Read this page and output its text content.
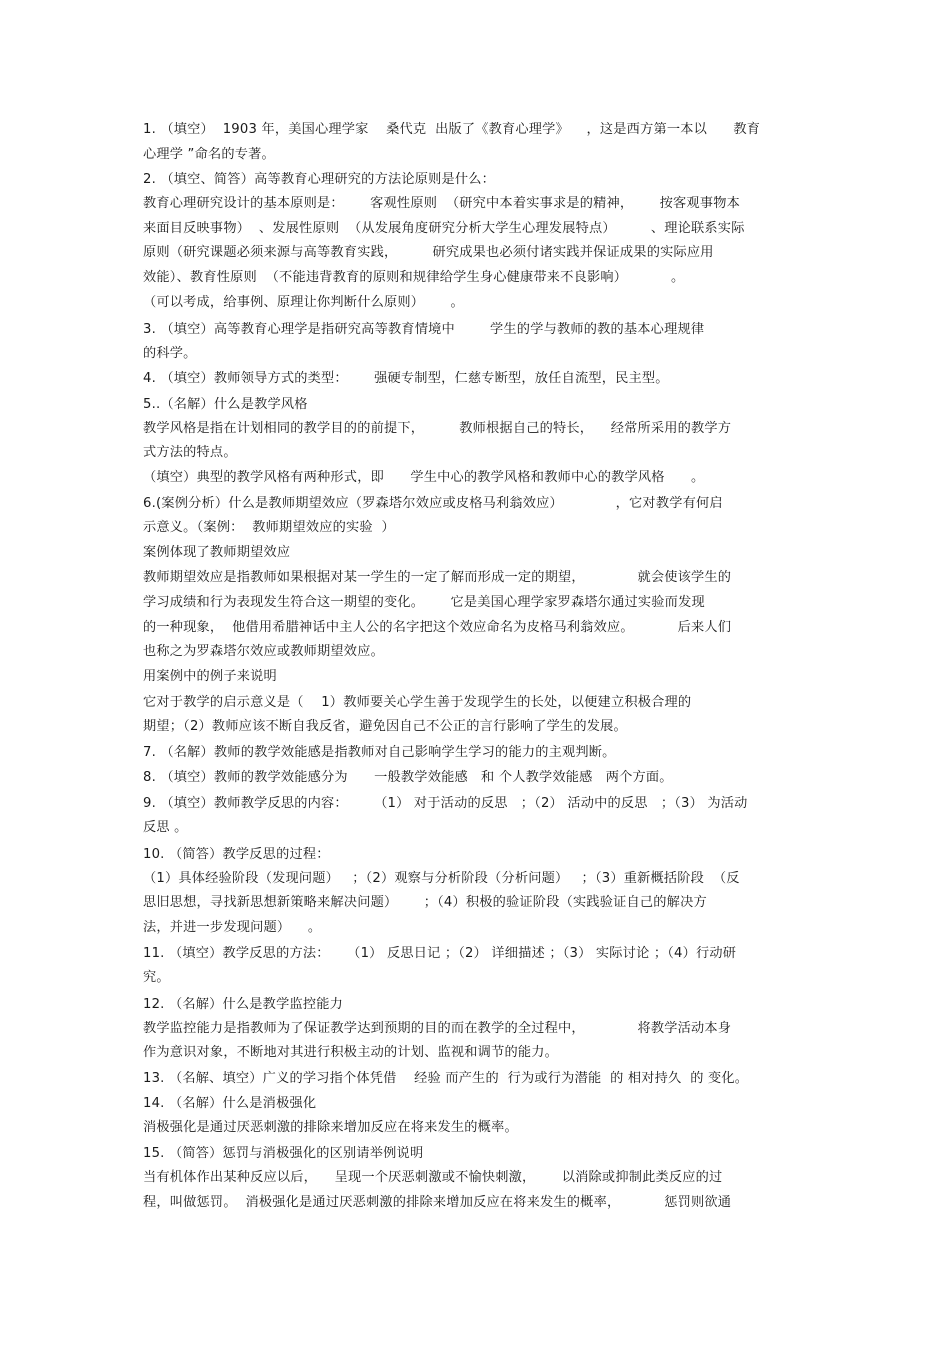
1. （填空）  1903 年，美国心理学家    桑代克  出版了《教育心理学》    ，这是西方第一本以      教育
心理学 ”命名的专著。
2. （填空、简答）高等教育心理研究的方法论原则是什么：
教育心理研究设计的基本原则是：      客观性原则  （研究中本着实事求是的精神，      按客观事物本
来面目反映事物）  、发展性原则  （从发展角度研究分析大学生心理发展特点）        、理论联系实际
原则（研究课题必须来源与高等教育实践，        研究成果也必须付诸实践并保证成果的实际应用
效能）、教育性原则  （不能违背教育的原则和规律给学生身心健康带来不良影响）          。
（可以考成，给事例、原理让你判断什么原则）      。
3. （填空）高等教育心理学是指研究高等教育情境中        学生的学与教师的教的基本心理规律
的科学。
4. （填空）教师领导方式的类型：      强硬专制型，仁慈专断型，放任自流型，民主型。
5..（名解）什么是教学风格
教学风格是指在计划相同的教学目的的前提下，        教师根据自己的特长，    经常所采用的教学方
式方法的特点。
（填空）典型的教学风格有两种形式，即      学生中心的教学风格和教师中心的教学风格      。
6.(案例分析）什么是教师期望效应（罗森塔尔效应或皮格马利翁效应）            ，它对教学有何启
示意义。（案例：  教师期望效应的实验  ）
案例体现了教师期望效应
教师期望效应是指教师如果根据对某一学生的一定了解而形成一定的期望，            就会使该学生的
学习成绩和行为表现发生符合这一期望的变化。      它是美国心理学家罗森塔尔通过实验而发现
的一种现象，  他借用希腊神话中主人公的名字把这个效应命名为皮格马利翁效应。          后来人们
也称之为罗森塔尔效应或教师期望效应。
用案例中的例子来说明
它对于教学的启示意义是（    1）教师要关心学生善于发现学生的长处，以便建立积极合理的
期望；（2）教师应该不断自我反省，避免因自己不公正的言行影响了学生的发展。
7. （名解）教师的教学效能感是指教师对自己影响学生学习的能力的主观判断。
8. （填空）教师的教学效能感分为      一般教学效能感   和 个人教学效能感   两个方面。
9. （填空）教师教学反思的内容：      （1） 对于活动的反思   ；（2） 活动中的反思   ；（3） 为活动
反思 。
10. （简答）教学反思的过程：
（1）具体经验阶段（发现问题）   ；（2）观察与分析阶段（分析问题）   ；（3）重新概括阶段  （反
思旧思想，寻找新思想新策略来解决问题）      ；（4）积极的验证阶段（实践验证自己的解决方
法，并进一步发现问题）    。
11. （填空）教学反思的方法：    （1） 反思日记 ；（2） 详细描述 ；（3） 实际讨论 ；（4）行动研
究。
12. （名解）什么是教学监控能力
教学监控能力是指教师为了保证教学达到预期的目的而在教学的全过程中，            将教学活动本身
作为意识对象，不断地对其进行积极主动的计划、监视和调节的能力。
13. （名解、填空）广义的学习指个体凭借    经验 而产生的  行为或行为潜能  的 相对持久  的 变化。
14. （名解）什么是消极强化
消极强化是通过厌恶刺激的排除来增加反应在将来发生的概率。
15. （简答）惩罚与消极强化的区别请举例说明
当有机体作出某种反应以后，    呈现一个厌恶刺激或不愉快刺激，      以消除或抑制此类反应的过
程，叫做惩罚。  消极强化是通过厌恶刺激的排除来增加反应在将来发生的概率，          惩罚则欲通
